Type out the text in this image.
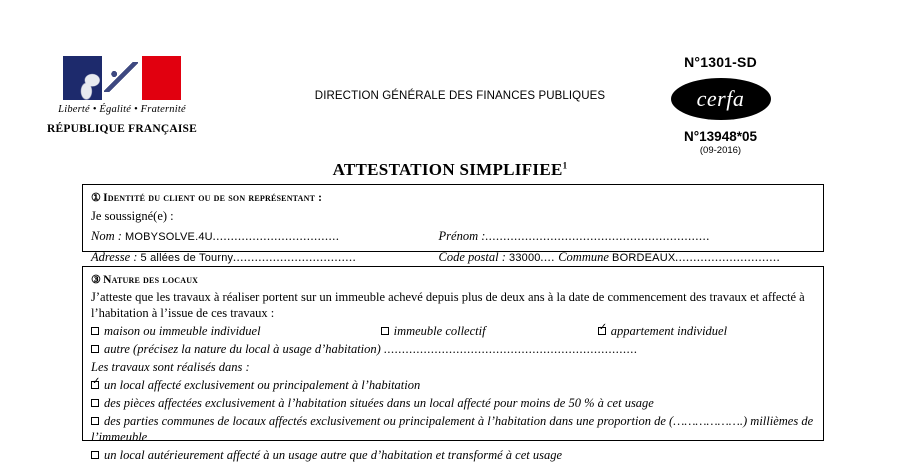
Liberté • Égalité • Fraternité
RÉPUBLIQUE FRANÇAISE
DIRECTION GÉNÉRALE DES FINANCES PUBLIQUES
N°1301-SD
cerfa
N°13948*05
(09-2016)
ATTESTATION SIMPLIFIEE$^1$
① Identité du client ou de son représentant :
Je soussigné(e) :
Nom : MOBYSOLVE.4U...................................	Prénom :..............................................................
Adresse : 5 allées de Tourny..................................	Code postal : 33000.... Commune BORDEAUX.............................
③ Nature des locaux
J’atteste que les travaux à réaliser portent sur un immeuble achevé depuis plus de deux ans à la date de commencement des travaux et affecté à l’habitation à l’issue de ces travaux :
maison ou immeuble individuel	immeuble collectif ✓	appartement individuel
autre (précisez la nature du local à usage d’habitation) ......................................................................
Les travaux sont réalisés dans :
✓un local affecté exclusivement ou principalement à l’habitation
des pièces affectées exclusivement à l’habitation situées dans un local affecté pour moins de 50 % à cet usage
des parties communes de locaux affectés exclusivement ou principalement à l’habitation dans une proportion de (……………….) millièmes de l’immeuble
un local autérieurement affecté à un usage autre que d’habitation et transformé à cet usage
